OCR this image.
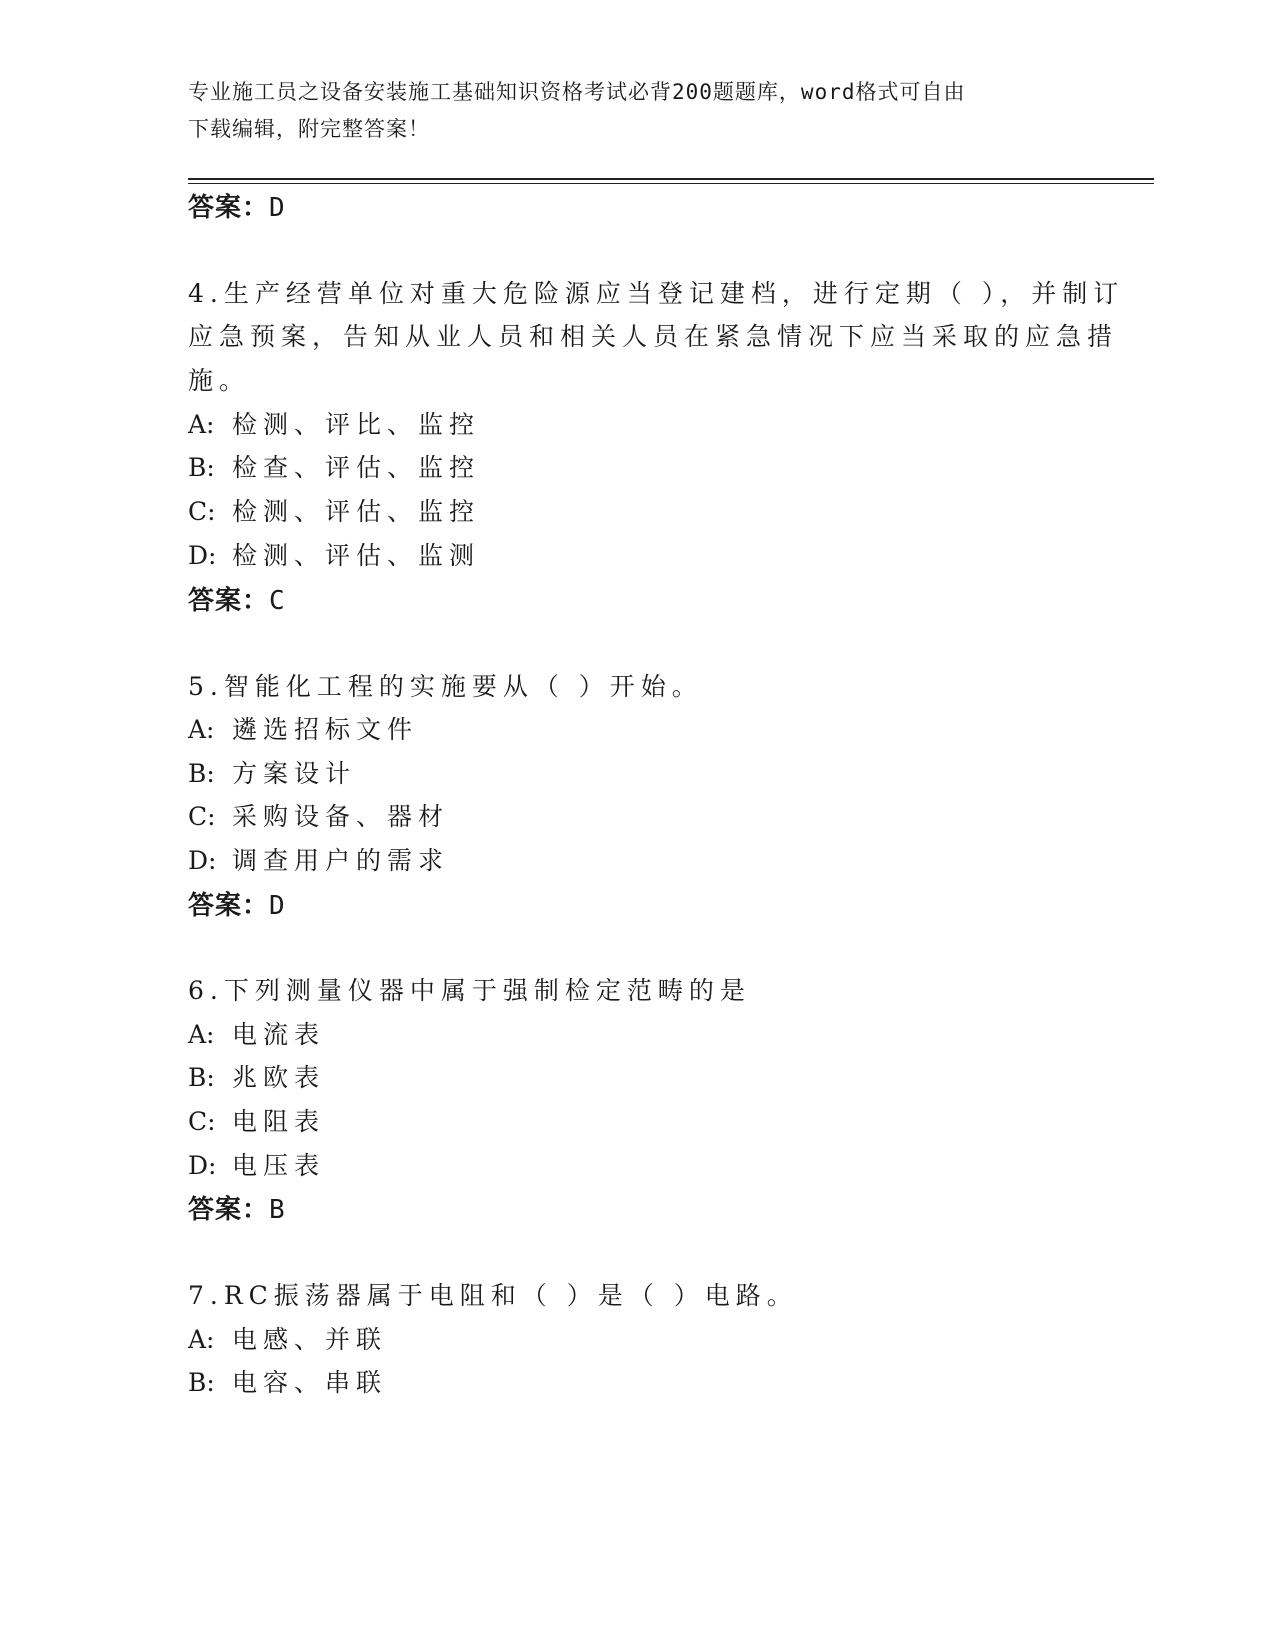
专业施工员之设备安装施工基础知识资格考试必背200题题库，word格式可自由
下载编辑，附完整答案！
答案：D
4.生产经营单位对重大危险源应当登记建档，进行定期（ ），并制订
应急预案，告知从业人员和相关人员在紧急情况下应当采取的应急措
施。
A: 检测、评比、监控
B: 检查、评估、监控
C: 检测、评估、监控
D: 检测、评估、监测
答案：C
5.智能化工程的实施要从（ ）开始。
A: 遴选招标文件
B: 方案设计
C: 采购设备、器材
D: 调查用户的需求
答案：D
6.下列测量仪器中属于强制检定范畴的是
A: 电流表
B: 兆欧表
C: 电阻表
D: 电压表
答案：B
7.RC振荡器属于电阻和（ ）是（ ）电路。
A: 电感、并联
B: 电容、串联
